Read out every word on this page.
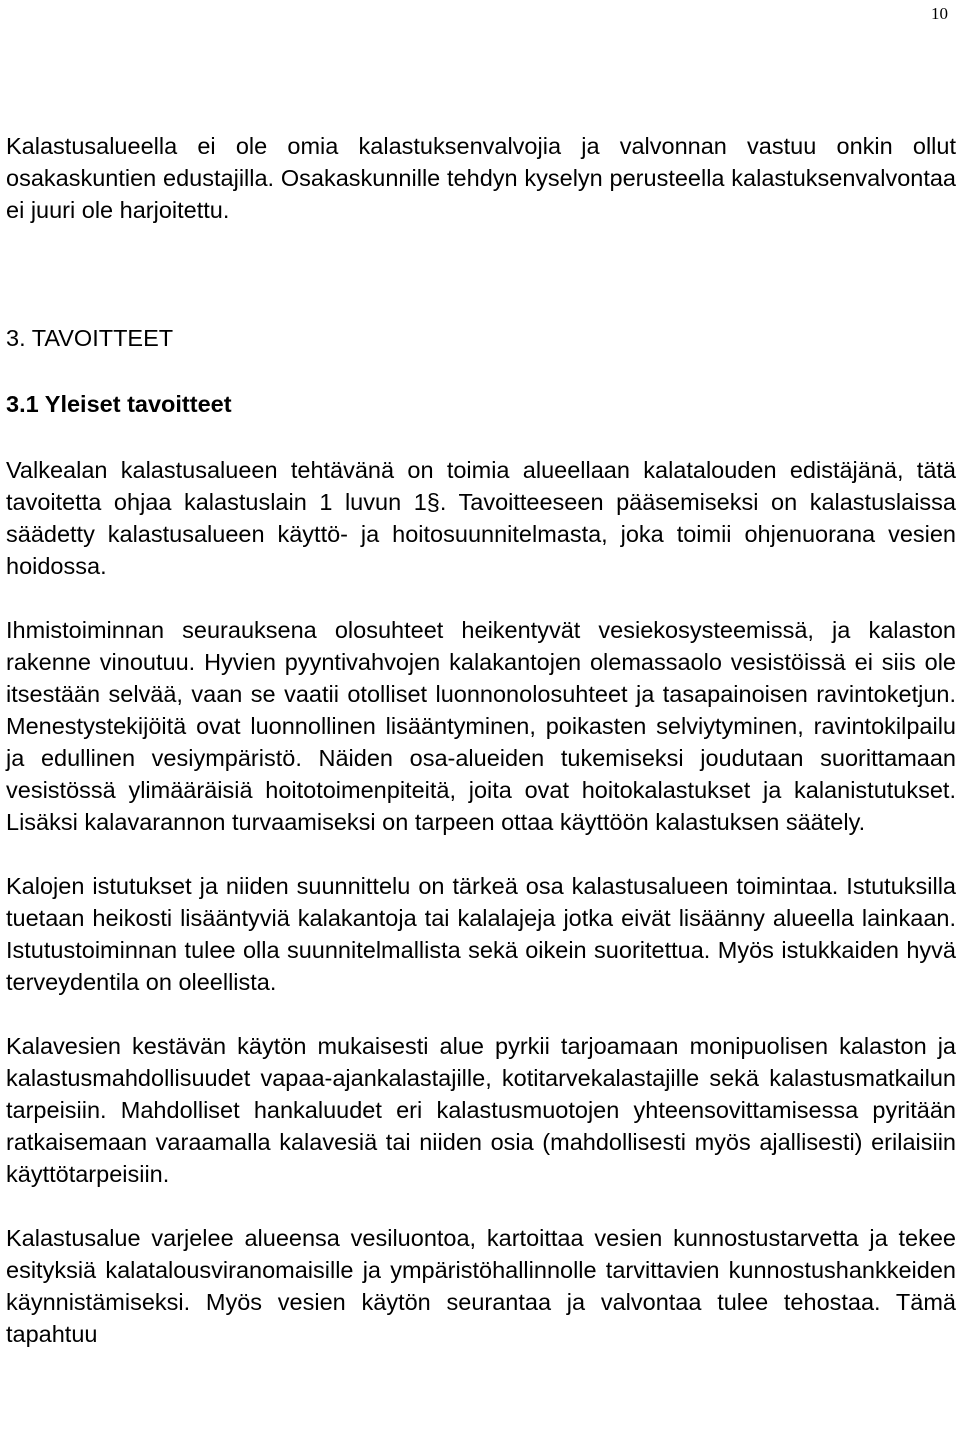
10

Kalastusalueella ei ole omia kalastuksenvalvojia ja valvonnan vastuu onkin ollut osakaskuntien edustajilla. Osakaskunnille tehdyn kyselyn perusteella kalastuksenvalvontaa ei juuri ole harjoitettu.

3. TAVOITTEET
3.1 Yleiset tavoitteet

Valkealan kalastusalueen tehtävänä on toimia alueellaan kalatalouden edistäjänä, tätä tavoitetta ohjaa kalastuslain 1 luvun 1§. Tavoitteeseen pääsemiseksi on kalastuslaissa säädetty kalastusalueen käyttö- ja hoitosuunnitelmasta, joka toimii ohjenuorana vesien hoidossa.

Ihmistoiminnan seurauksena olosuhteet heikentyvät vesiekosysteemissä, ja kalaston rakenne vinoutuu. Hyvien pyyntivahvojen kalakantojen olemassaolo vesistöissä ei siis ole itsestään selvää, vaan se vaatii otolliset luonnonolosuhteet ja tasapainoisen ravintoketjun. Menestystekijöitä ovat luonnollinen lisääntyminen, poikasten selviytyminen, ravintokilpailu ja edullinen vesiympäristö. Näiden osa-alueiden tukemiseksi joudutaan suorittamaan vesistössä ylimääräisiä hoitotoimenpiteitä, joita ovat hoitokalastukset ja kalanistutukset. Lisäksi kalavarannon turvaamiseksi on tarpeen ottaa käyttöön kalastuksen säätely.

Kalojen istutukset ja niiden suunnittelu on tärkeä osa kalastusalueen toimintaa. Istutuksilla tuetaan heikosti lisääntyviä kalakantoja tai kalalajeja jotka eivät lisäänny alueella lainkaan. Istutustoiminnan tulee olla suunnitelmallista sekä oikein suoritettua. Myös istukkaiden hyvä terveydentila on oleellista.

Kalavesien kestävän käytön mukaisesti alue pyrkii tarjoamaan monipuolisen kalaston ja kalastusmahdollisuudet vapaa-ajankalastajille, kotitarvekalastajille sekä kalastusmatkailun tarpeisiin. Mahdolliset hankaluudet eri kalastusmuotojen yhteensovittamisessa pyritään ratkaisemaan varaamalla kalavesiä tai niiden osia (mahdollisesti myös ajallisesti) erilaisiin käyttötarpeisiin.

Kalastusalue varjelee alueensa vesiluontoa, kartoittaa vesien kunnostustarvetta ja tekee esityksiä kalatalousviranomaisille ja ympäristöhallinnolle tarvittavien kunnostushankkeiden käynnistämiseksi. Myös vesien käytön seurantaa ja valvontaa tulee tehostaa. Tämä tapahtuu
